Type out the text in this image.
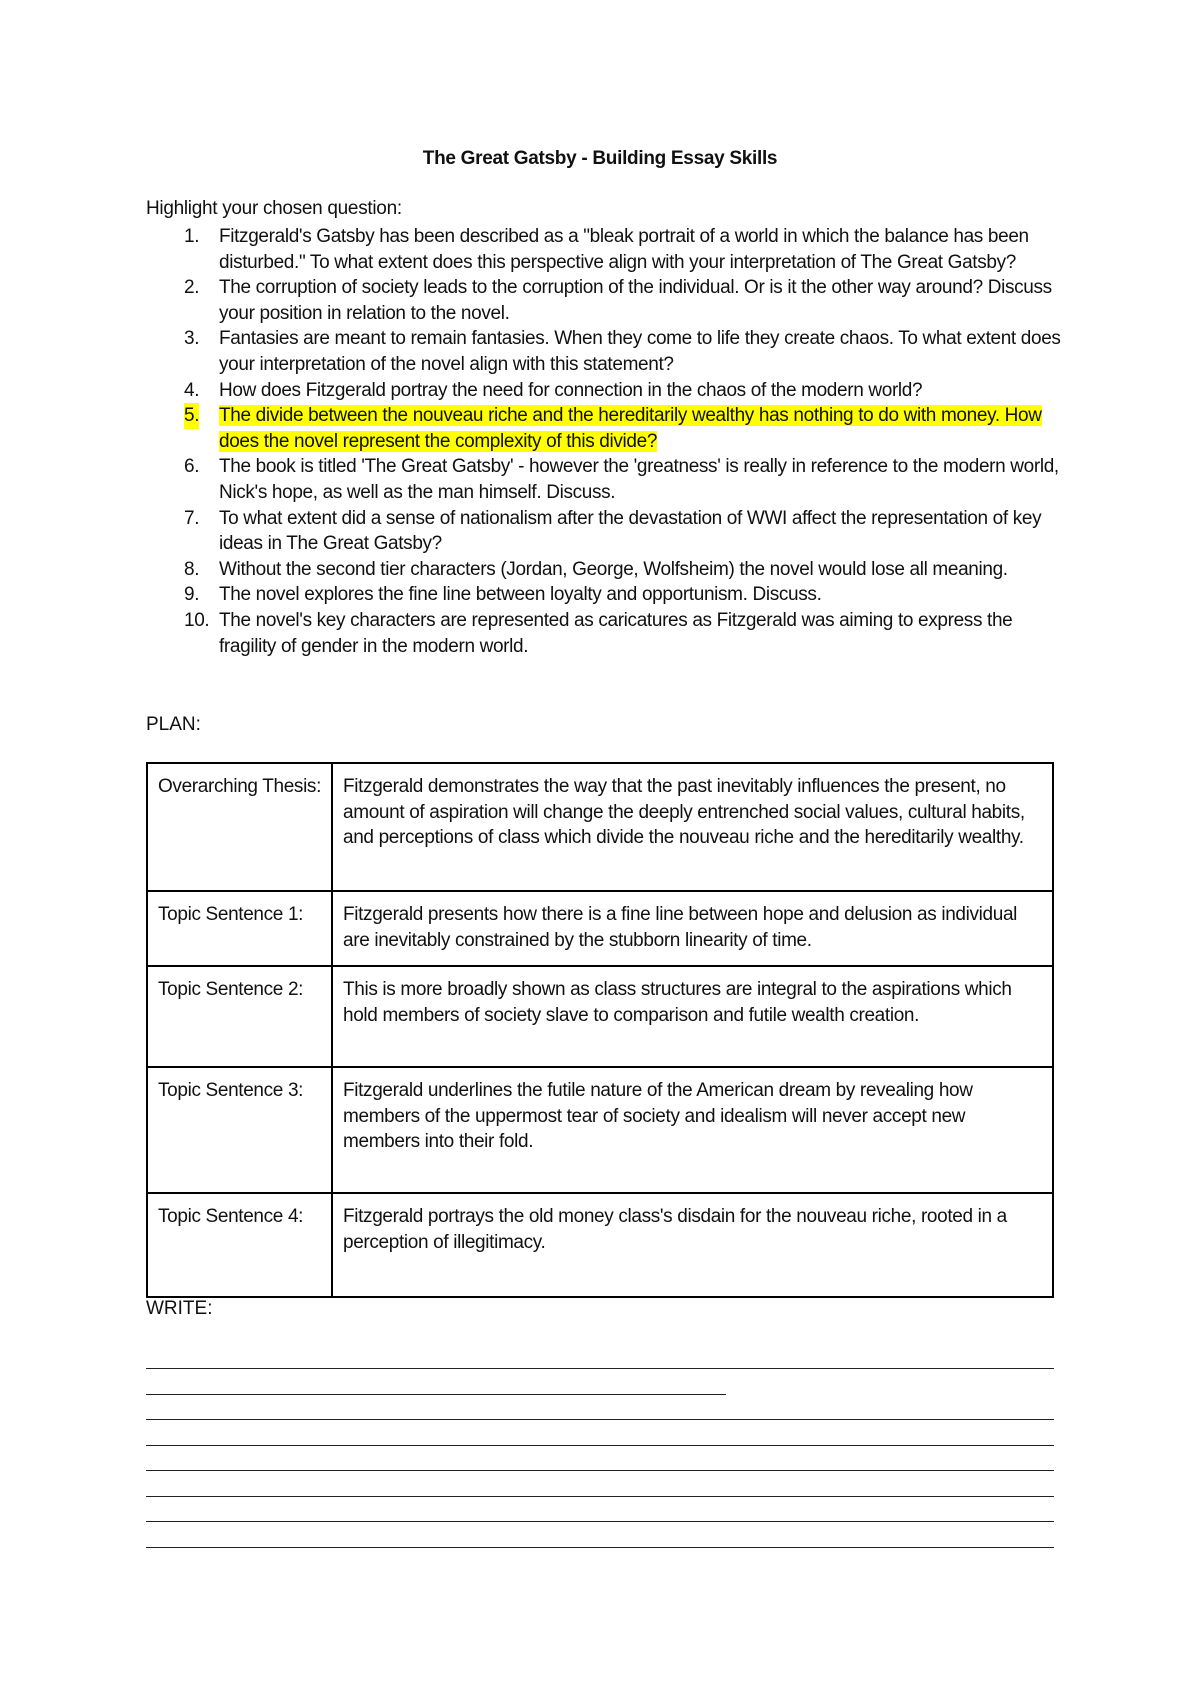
The Great Gatsby - Building Essay Skills
Highlight your chosen question:
1. Fitzgerald's Gatsby has been described as a "bleak portrait of a world in which the balance has been disturbed." To what extent does this perspective align with your interpretation of The Great Gatsby?
2. The corruption of society leads to the corruption of the individual. Or is it the other way around? Discuss your position in relation to the novel.
3. Fantasies are meant to remain fantasies. When they come to life they create chaos. To what extent does your interpretation of the novel align with this statement?
4. How does Fitzgerald portray the need for connection in the chaos of the modern world?
5. The divide between the nouveau riche and the hereditarily wealthy has nothing to do with money. How does the novel represent the complexity of this divide?
6. The book is titled 'The Great Gatsby' - however the 'greatness' is really in reference to the modern world, Nick's hope, as well as the man himself. Discuss.
7. To what extent did a sense of nationalism after the devastation of WWI affect the representation of key ideas in The Great Gatsby?
8. Without the second tier characters (Jordan, George, Wolfsheim) the novel would lose all meaning.
9. The novel explores the fine line between loyalty and opportunism. Discuss.
10. The novel's key characters are represented as caricatures as Fitzgerald was aiming to express the fragility of gender in the modern world.
PLAN:
Overarching Thesis:	Fitzgerald demonstrates the way that the past inevitably influences the present, no amount of aspiration will change the deeply entrenched social values, cultural habits, and perceptions of class which divide the nouveau riche and the hereditarily wealthy.
Topic Sentence 1:	Fitzgerald presents how there is a fine line between hope and delusion as individual are inevitably constrained by the stubborn linearity of time.
Topic Sentence 2:	This is more broadly shown as class structures are integral to the aspirations which hold members of society slave to comparison and futile wealth creation.
Topic Sentence 3:	Fitzgerald underlines the futile nature of the American dream by revealing how members of the uppermost tear of society and idealism will never accept new members into their fold.
Topic Sentence 4:	Fitzgerald portrays the old money class's disdain for the nouveau riche, rooted in a perception of illegitimacy.
WRITE:
